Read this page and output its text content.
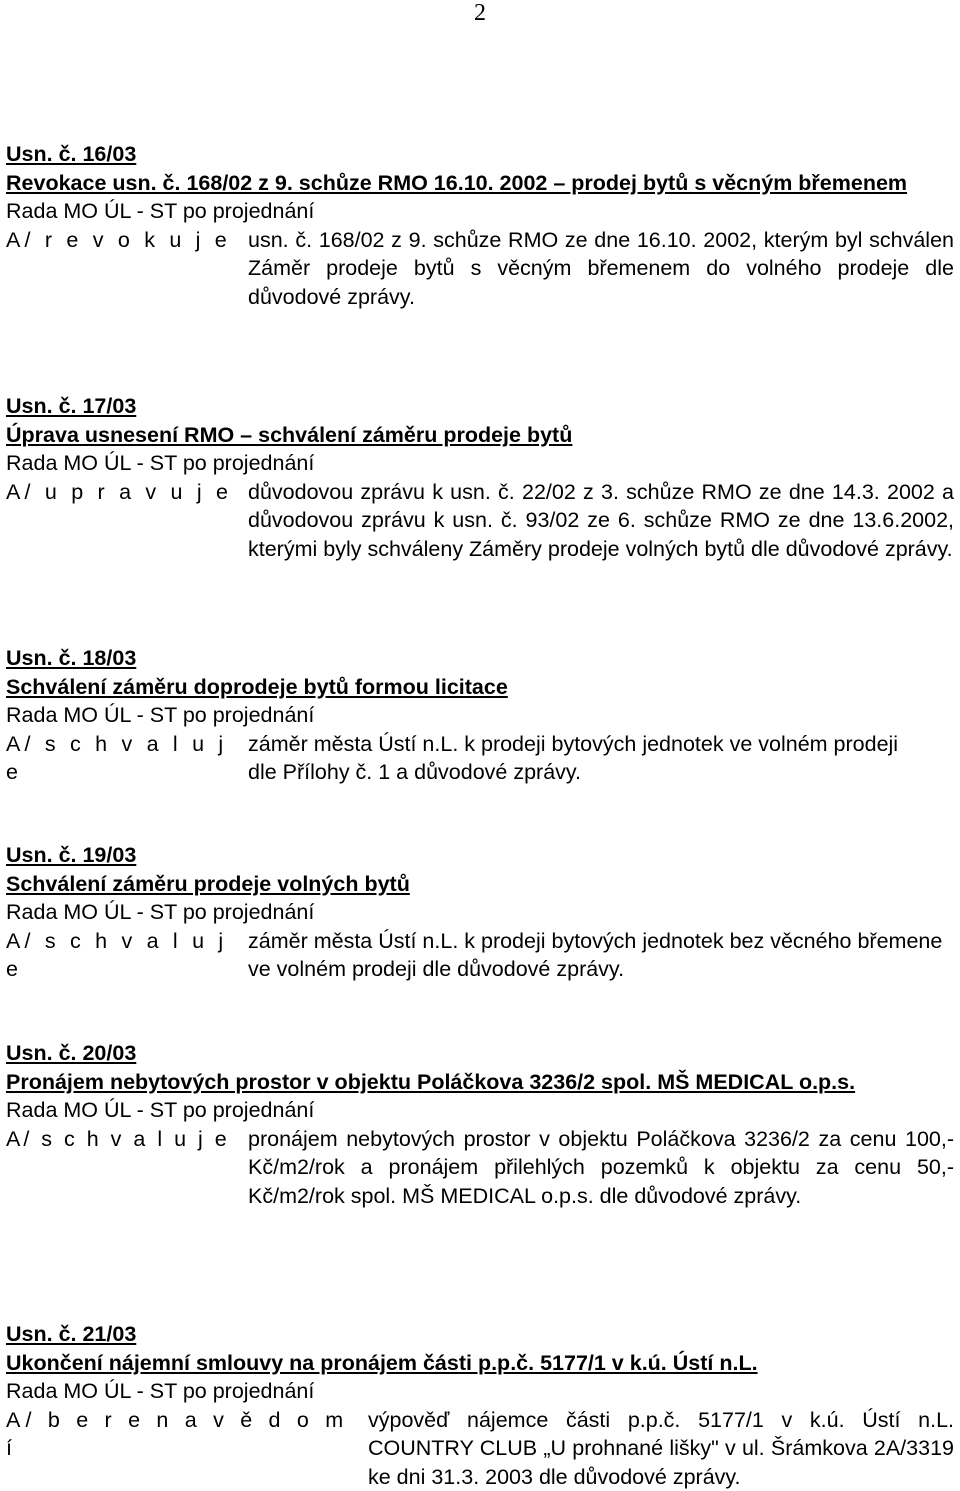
2
Usn. č. 16/03
Revokace usn. č. 168/02 z 9. schůze RMO 16.10. 2002 – prodej bytů s věcným břemenem
Rada MO ÚL - ST po projednání
A/ r e v o k u j e usn. č. 168/02 z 9. schůze RMO ze dne 16.10. 2002, kterým byl schválen Záměr prodeje bytů s věcným břemenem do volného prodeje dle důvodové zprávy.
Usn. č. 17/03
Úprava usnesení RMO – schválení záměru prodeje bytů
Rada MO ÚL - ST po projednání
A/ u p r a v u j e důvodovou zprávu k usn. č. 22/02 z 3. schůze RMO ze dne 14.3. 2002 a důvodovou zprávu k usn. č. 93/02 ze 6. schůze RMO ze dne 13.6.2002, kterými byly schváleny Záměry prodeje volných bytů dle důvodové zprávy.
Usn. č. 18/03
Schválení záměru doprodeje bytů formou licitace
Rada MO ÚL - ST po projednání
A/ s c h v a l u j e
záměr města Ústí n.L. k prodeji bytových jednotek ve volném prodeji dle Přílohy č. 1 a důvodové zprávy.
Usn. č. 19/03
Schválení záměru prodeje volných bytů
Rada MO ÚL - ST po projednání
A/ s c h v a l u j e
záměr města Ústí n.L. k prodeji bytových jednotek bez věcného břemene ve volném prodeji dle důvodové zprávy.
Usn. č. 20/03
Pronájem nebytových prostor v objektu Poláčkova 3236/2 spol. MŠ MEDICAL o.p.s.
Rada MO ÚL - ST po projednání
A/ s c h v a l u j e pronájem nebytových prostor v objektu Poláčkova 3236/2 za cenu 100,- Kč/m2/rok a pronájem přilehlých pozemků k objektu za cenu 50,- Kč/m2/rok spol. MŠ MEDICAL o.p.s. dle důvodové zprávy.
Usn. č. 21/03
Ukončení nájemní smlouvy na pronájem části p.p.č. 5177/1 v k.ú. Ústí n.L.
Rada MO ÚL - ST po projednání
A/ b e r e n a v ě d o m í
výpověď nájemce části p.p.č. 5177/1 v k.ú. Ústí n.L. COUNTRY CLUB „U prohnané lišky" v ul. Šrámkova 2A/3319 ke dni 31.3. 2003 dle důvodové zprávy.
